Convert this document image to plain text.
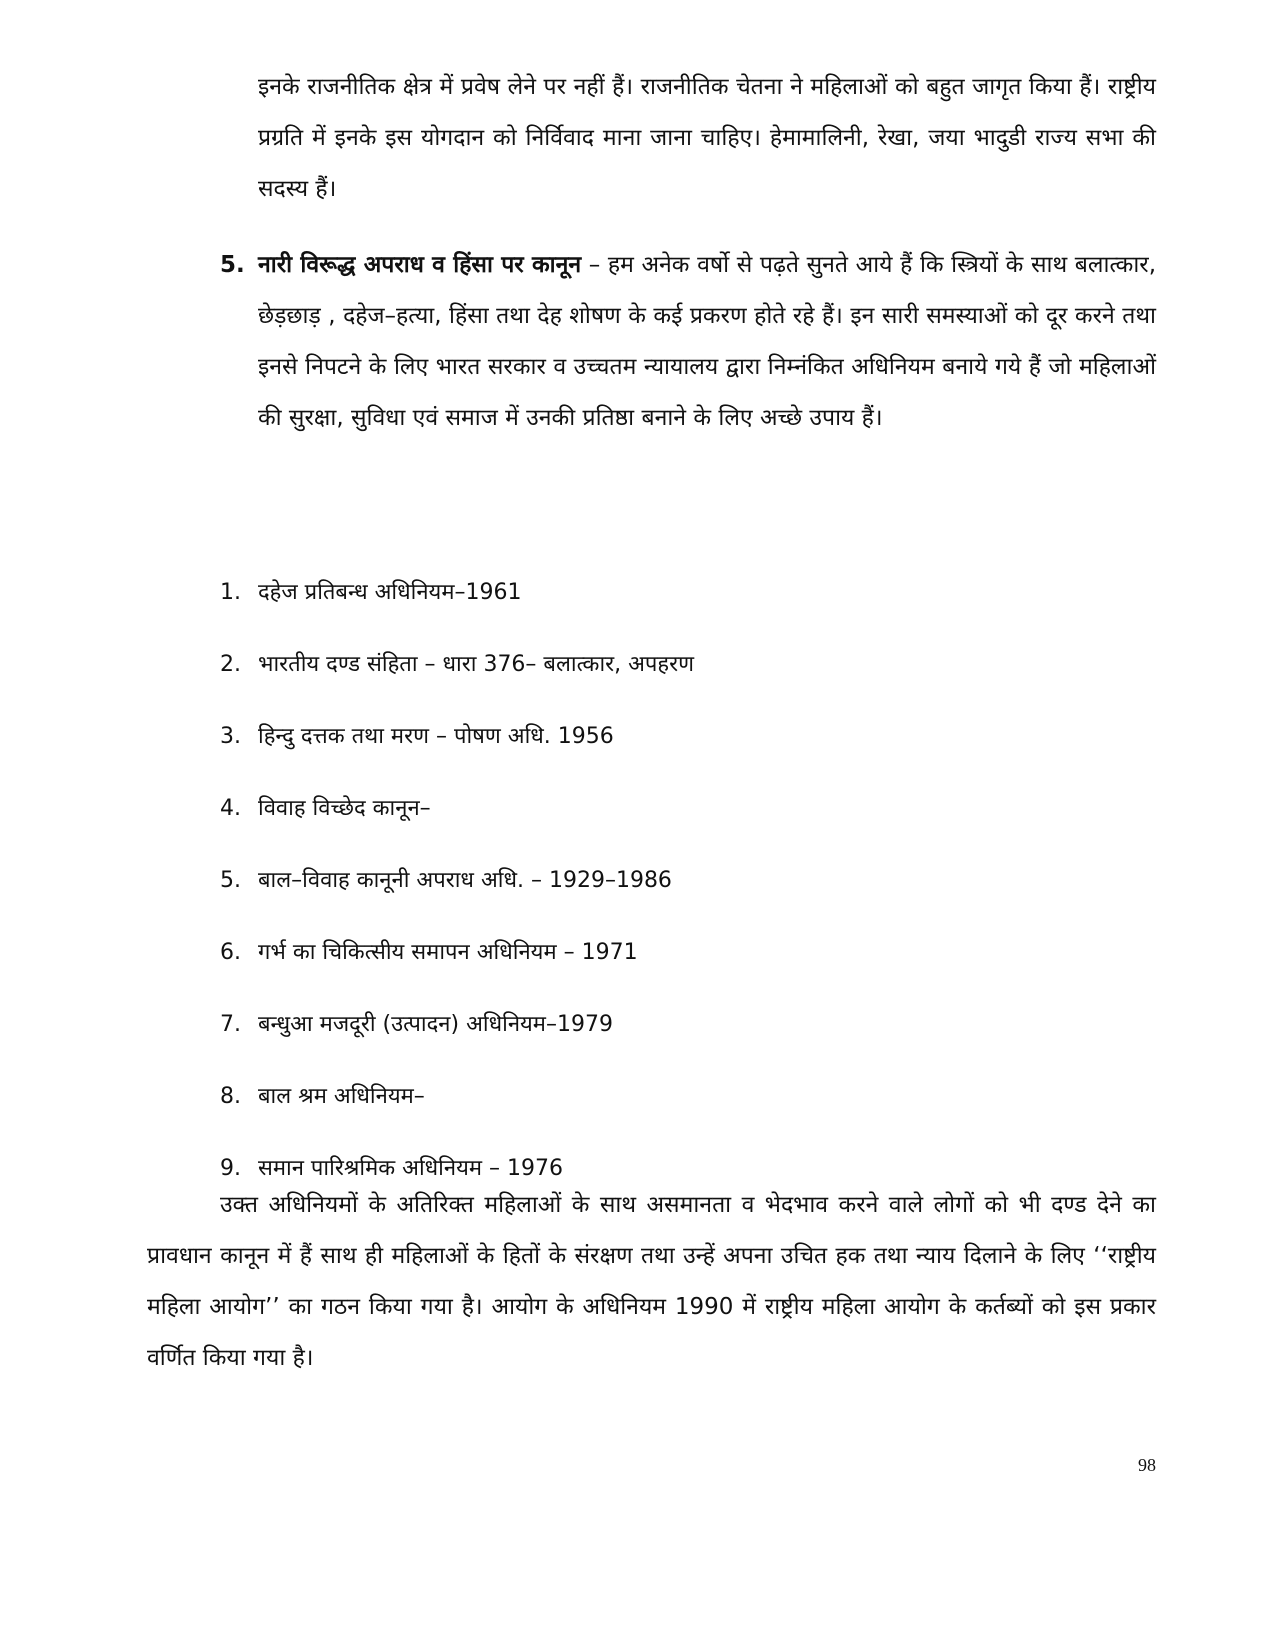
इनके राजनीतिक क्षेत्र में प्रवेष लेने पर नहीं हैं। राजनीतिक चेतना ने महिलाओं को बहुत जागृत किया हैं। राष्ट्रीय प्रग्रति में इनके इस योगदान को निर्विवाद माना जाना चाहिए। हेमामालिनी, रेखा, जया भादुडी राज्य सभा की सदस्य हैं।

5. नारी विरूद्ध अपराध व हिंसा पर कानून – हम अनेक वर्षो से पढ़ते सुनते आये हैं कि स्त्रियों के साथ बलात्कार, छेड़छाड़ , दहेज–हत्या, हिंसा तथा देह शोषण के कई प्रकरण होते रहे हैं। इन सारी समस्याओं को दूर करने तथा इनसे निपटने के लिए भारत सरकार व उच्चतम न्यायालय द्वारा निम्नंकित अधिनियम बनाये गये हैं जो महिलाओं की सुरक्षा, सुविधा एवं समाज में उनकी प्रतिष्ठा बनाने के लिए अच्छे उपाय हैं।

1. दहेज प्रतिबन्ध अधिनियम–1961
2. भारतीय दण्ड संहिता – धारा 376– बलात्कार, अपहरण
3. हिन्दु दत्तक तथा मरण – पोषण अधि. 1956
4. विवाह विच्छेद कानून–
5. बाल–विवाह कानूनी अपराध अधि. – 1929–1986
6. गर्भ का चिकित्सीय समापन अधिनियम – 1971
7. बन्धुआ मजदूरी (उत्पादन) अधिनियम–1979
8. बाल श्रम अधिनियम–
9. समान पारिश्रमिक अधिनियम – 1976

उक्त अधिनियमों के अतिरिक्त महिलाओं के साथ असमानता व भेदभाव करने वाले लोगों को भी दण्ड देने का प्रावधान कानून में हैं साथ ही महिलाओं के हितों के संरक्षण तथा उन्हें अपना उचित हक तथा न्याय दिलाने के लिए ‘‘राष्ट्रीय महिला आयोग’’ का गठन किया गया है। आयोग के अधिनियम 1990 में राष्ट्रीय महिला आयोग के कर्तब्यों को इस प्रकार वर्णित किया गया है।

98
